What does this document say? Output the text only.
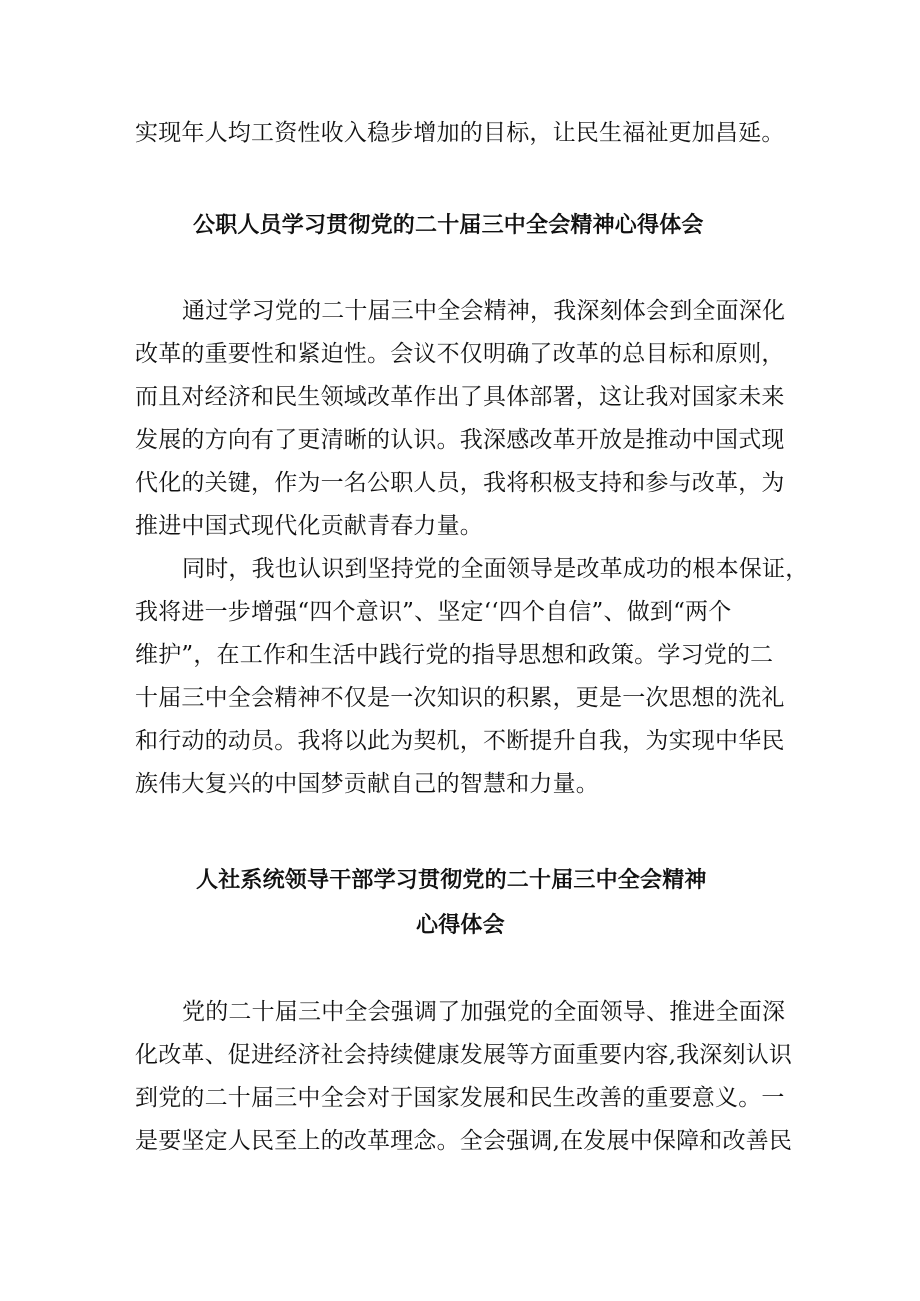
实现年人均工资性收入稳步增加的目标，让民生福祉更加昌延。

公职人员学习贯彻党的二十届三中全会精神心得体会

通过学习党的二十届三中全会精神，我深刻体会到全面深化

改革的重要性和紧迫性。会议不仅明确了改革的总目标和原则，

而且对经济和民生领域改革作出了具体部署，这让我对国家未来

发展的方向有了更清晰的认识。我深感改革开放是推动中国式现

代化的关键，作为一名公职人员，我将积极支持和参与改革，为

推进中国式现代化贡献青春力量。

同时，我也认识到坚持党的全面领导是改革成功的根本保证，

我将进一步增强“四个意识”、坚定‘‘四个自信”、做到“两个

维护”，在工作和生活中践行党的指导思想和政策。学习党的二

十届三中全会精神不仅是一次知识的积累，更是一次思想的洗礼

和行动的动员。我将以此为契机，不断提升自我，为实现中华民

族伟大复兴的中国梦贡献自己的智慧和力量。

人社系统领导干部学习贯彻党的二十届三中全会精神
心得体会

党的二十届三中全会强调了加强党的全面领导、推进全面深

化改革、促进经济社会持续健康发展等方面重要内容,我深刻认识

到党的二十届三中全会对于国家发展和民生改善的重要意义。一

是要坚定人民至上的改革理念。全会强调,在发展中保障和改善民
